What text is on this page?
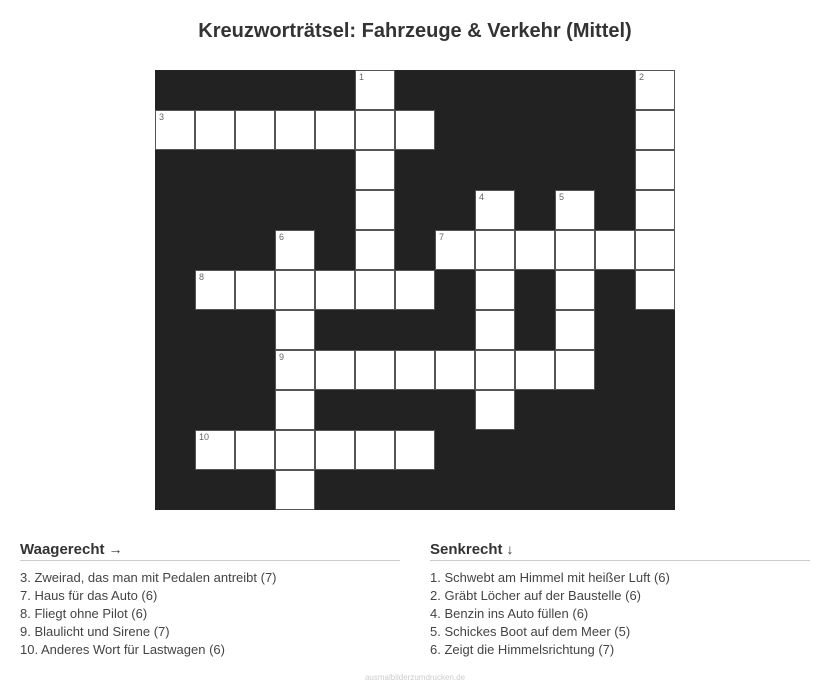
Kreuzworträtsel: Fahrzeuge & Verkehr (Mittel)
1	2
3
4	5
6	7
8
9
10
Waagerecht →
3. Zweirad, das man mit Pedalen antreibt (7)
7. Haus für das Auto (6)
8. Fliegt ohne Pilot (6)
9. Blaulicht und Sirene (7)
10. Anderes Wort für Lastwagen (6)
Senkrecht ↓
1. Schwebt am Himmel mit heißer Luft (6)
2. Gräbt Löcher auf der Baustelle (6)
4. Benzin ins Auto füllen (6)
5. Schickes Boot auf dem Meer (5)
6. Zeigt die Himmelsrichtung (7)
ausmalbilderzumdrucken.de
